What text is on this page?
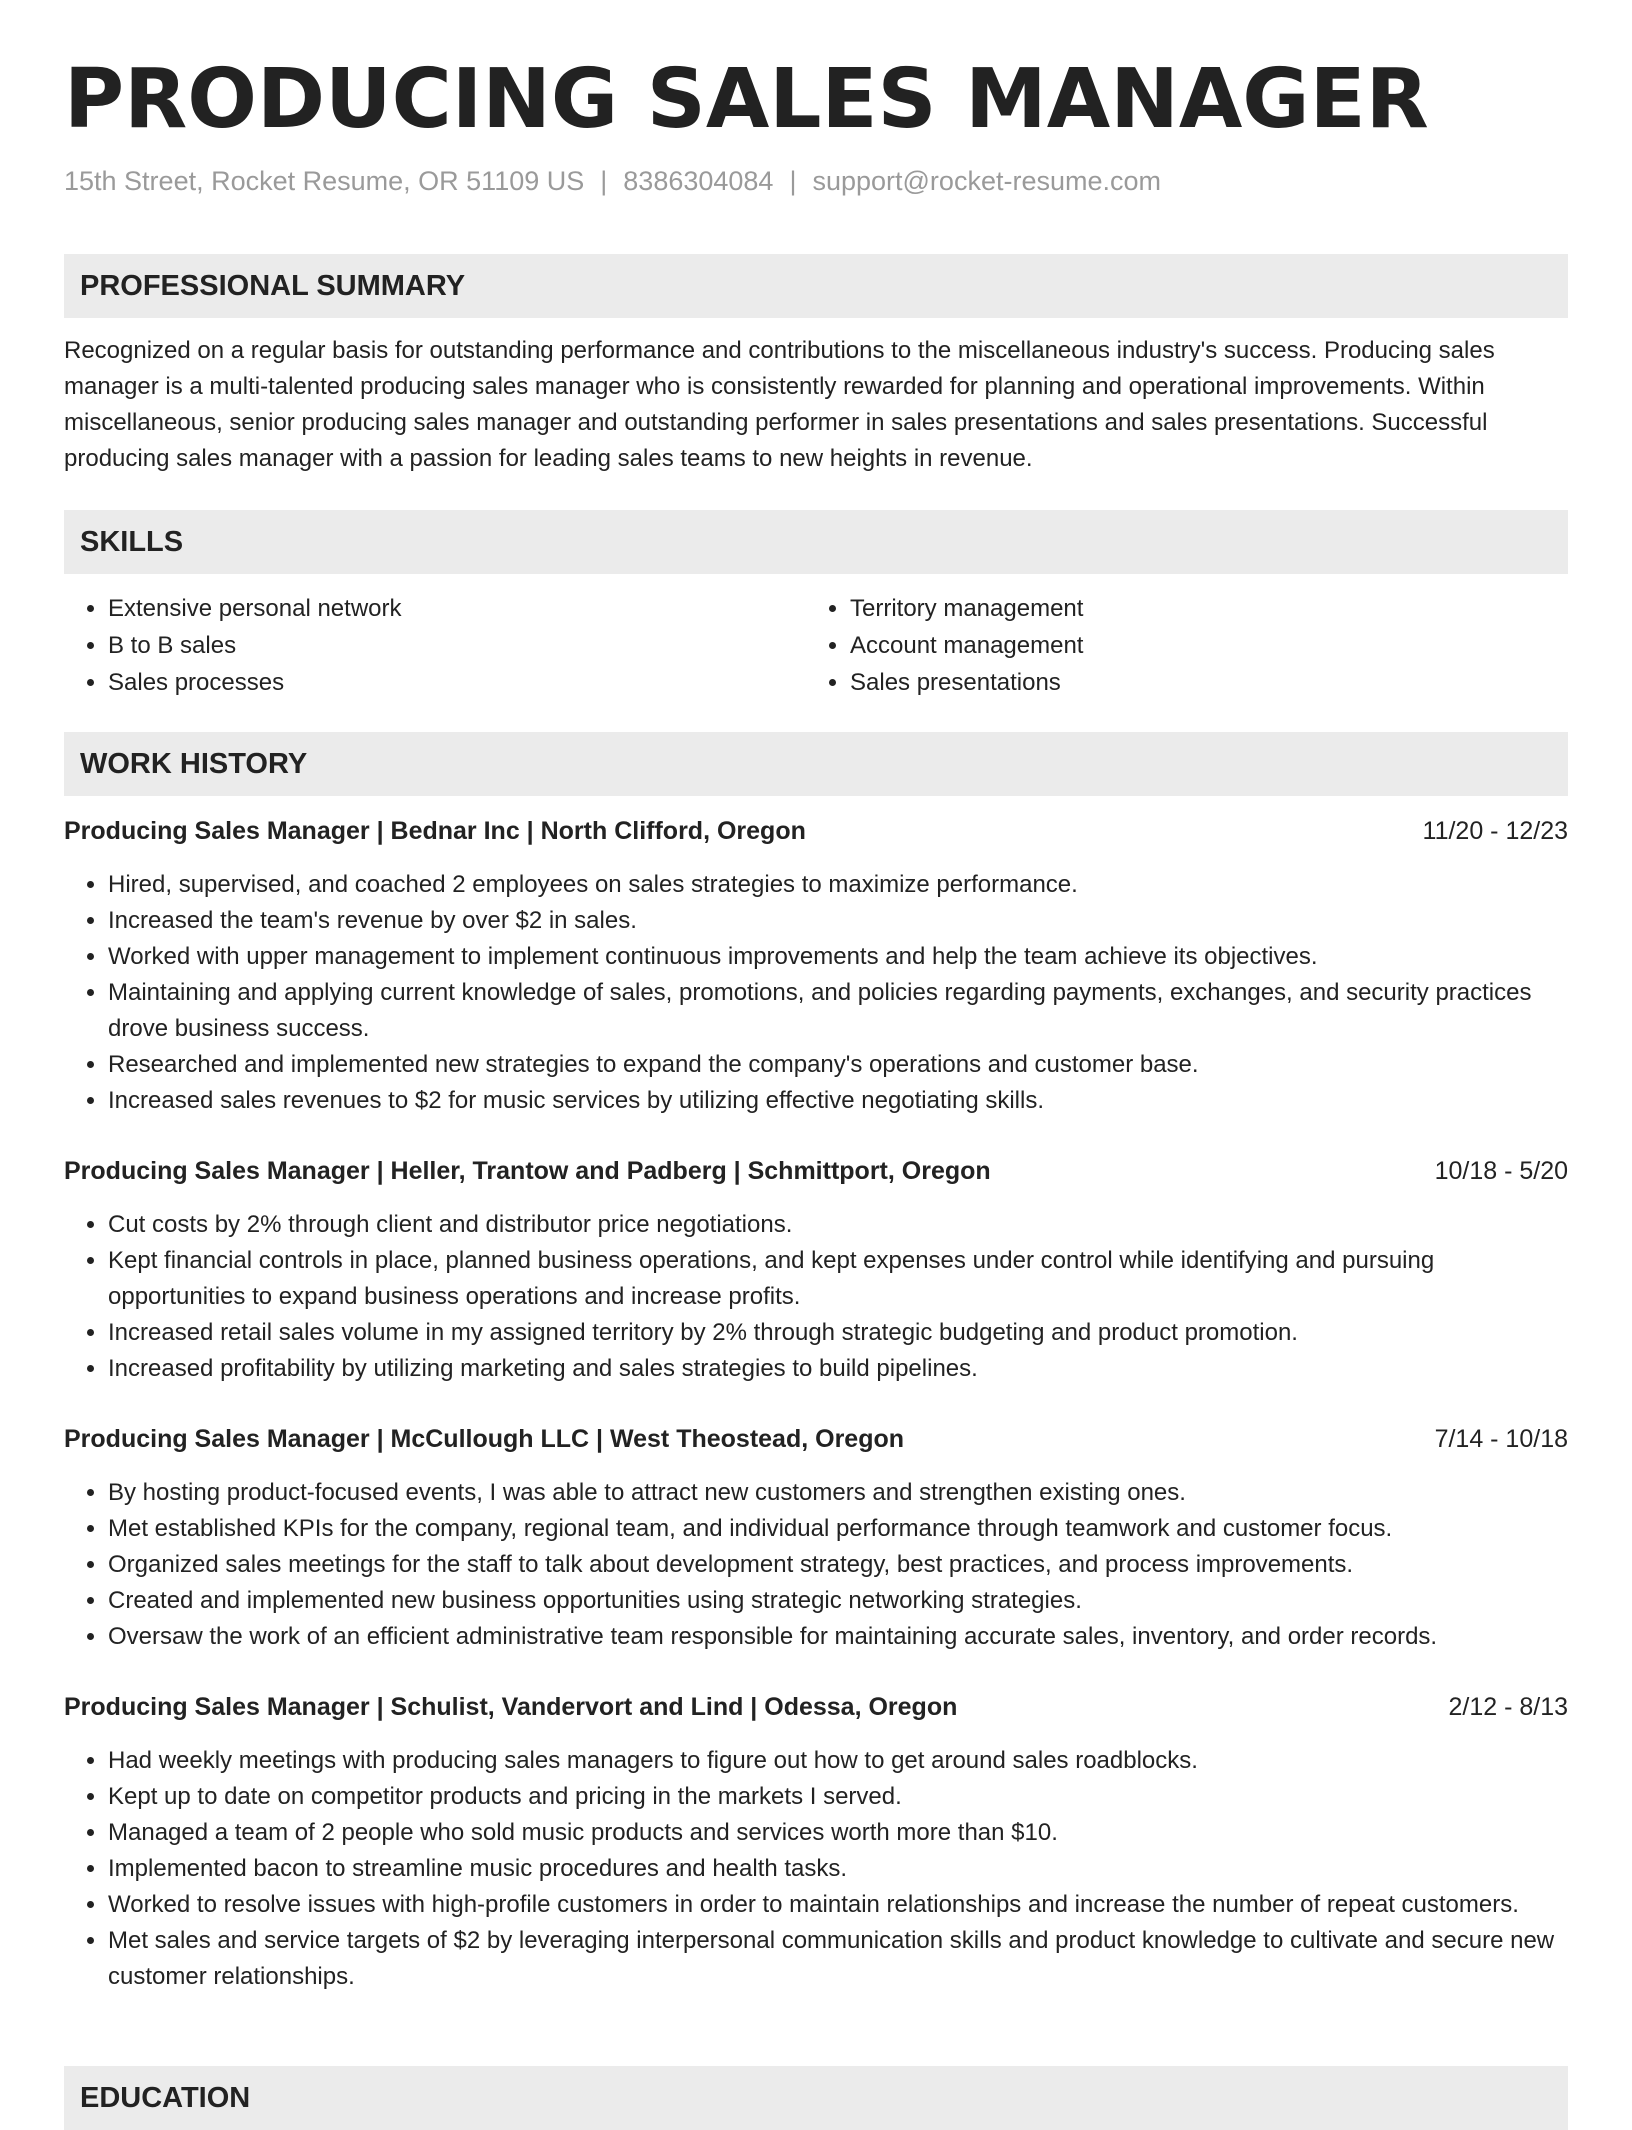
PRODUCING SALES MANAGER
15th Street, Rocket Resume, OR 51109 US | 8386304084 | support@rocket-resume.com
PROFESSIONAL SUMMARY

Recognized on a regular basis for outstanding performance and contributions to the miscellaneous industry's success. Producing sales manager is a multi-talented producing sales manager who is consistently rewarded for planning and operational improvements. Within miscellaneous, senior producing sales manager and outstanding performer in sales presentations and sales presentations. Successful producing sales manager with a passion for leading sales teams to new heights in revenue.

SKILLS
• Extensive personal network
• B to B sales
• Sales processes
• Territory management
• Account management
• Sales presentations
WORK HISTORY
Producing Sales Manager | Bednar Inc | North Clifford, Oregon	11/20 - 12/23
• Hired, supervised, and coached 2 employees on sales strategies to maximize performance.
• Increased the team's revenue by over $2 in sales.
• Worked with upper management to implement continuous improvements and help the team achieve its objectives.
• Maintaining and applying current knowledge of sales, promotions, and policies regarding payments, exchanges, and security practices drove business success.
• Researched and implemented new strategies to expand the company's operations and customer base.
• Increased sales revenues to $2 for music services by utilizing effective negotiating skills.
Producing Sales Manager | Heller, Trantow and Padberg | Schmittport, Oregon	10/18 - 5/20
• Cut costs by 2% through client and distributor price negotiations.
• Kept financial controls in place, planned business operations, and kept expenses under control while identifying and pursuing opportunities to expand business operations and increase profits.
• Increased retail sales volume in my assigned territory by 2% through strategic budgeting and product promotion.
• Increased profitability by utilizing marketing and sales strategies to build pipelines.
Producing Sales Manager | McCullough LLC | West Theostead, Oregon	7/14 - 10/18
• By hosting product-focused events, I was able to attract new customers and strengthen existing ones.
• Met established KPIs for the company, regional team, and individual performance through teamwork and customer focus.
• Organized sales meetings for the staff to talk about development strategy, best practices, and process improvements.
• Created and implemented new business opportunities using strategic networking strategies.
• Oversaw the work of an efficient administrative team responsible for maintaining accurate sales, inventory, and order records.
Producing Sales Manager | Schulist, Vandervort and Lind | Odessa, Oregon	2/12 - 8/13
• Had weekly meetings with producing sales managers to figure out how to get around sales roadblocks.
• Kept up to date on competitor products and pricing in the markets I served.
• Managed a team of 2 people who sold music products and services worth more than $10.
• Implemented bacon to streamline music procedures and health tasks.
• Worked to resolve issues with high-profile customers in order to maintain relationships and increase the number of repeat customers.
• Met sales and service targets of $2 by leveraging interpersonal communication skills and product knowledge to cultivate and secure new customer relationships.
EDUCATION
